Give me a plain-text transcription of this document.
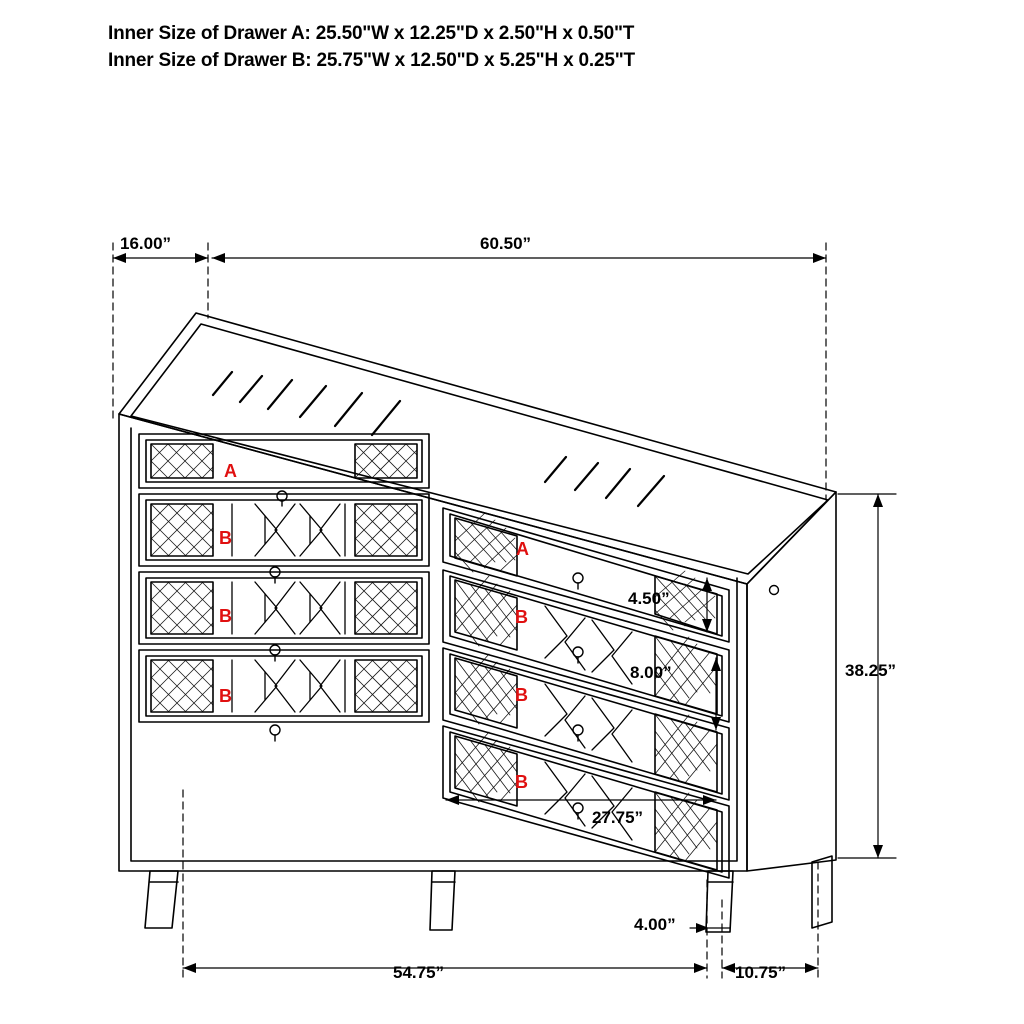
Inner Size of Drawer A: 25.50"W x 12.25"D x 2.50"H x 0.50"T
Inner Size of Drawer B: 25.75"W x 12.50"D x 5.25"H x 0.25"T
16.00”	60.50”
38.25”
4.50”
8.00”
27.75”
4.00”
54.75”	10.75”
A
B
B
B
A
B
B
B
